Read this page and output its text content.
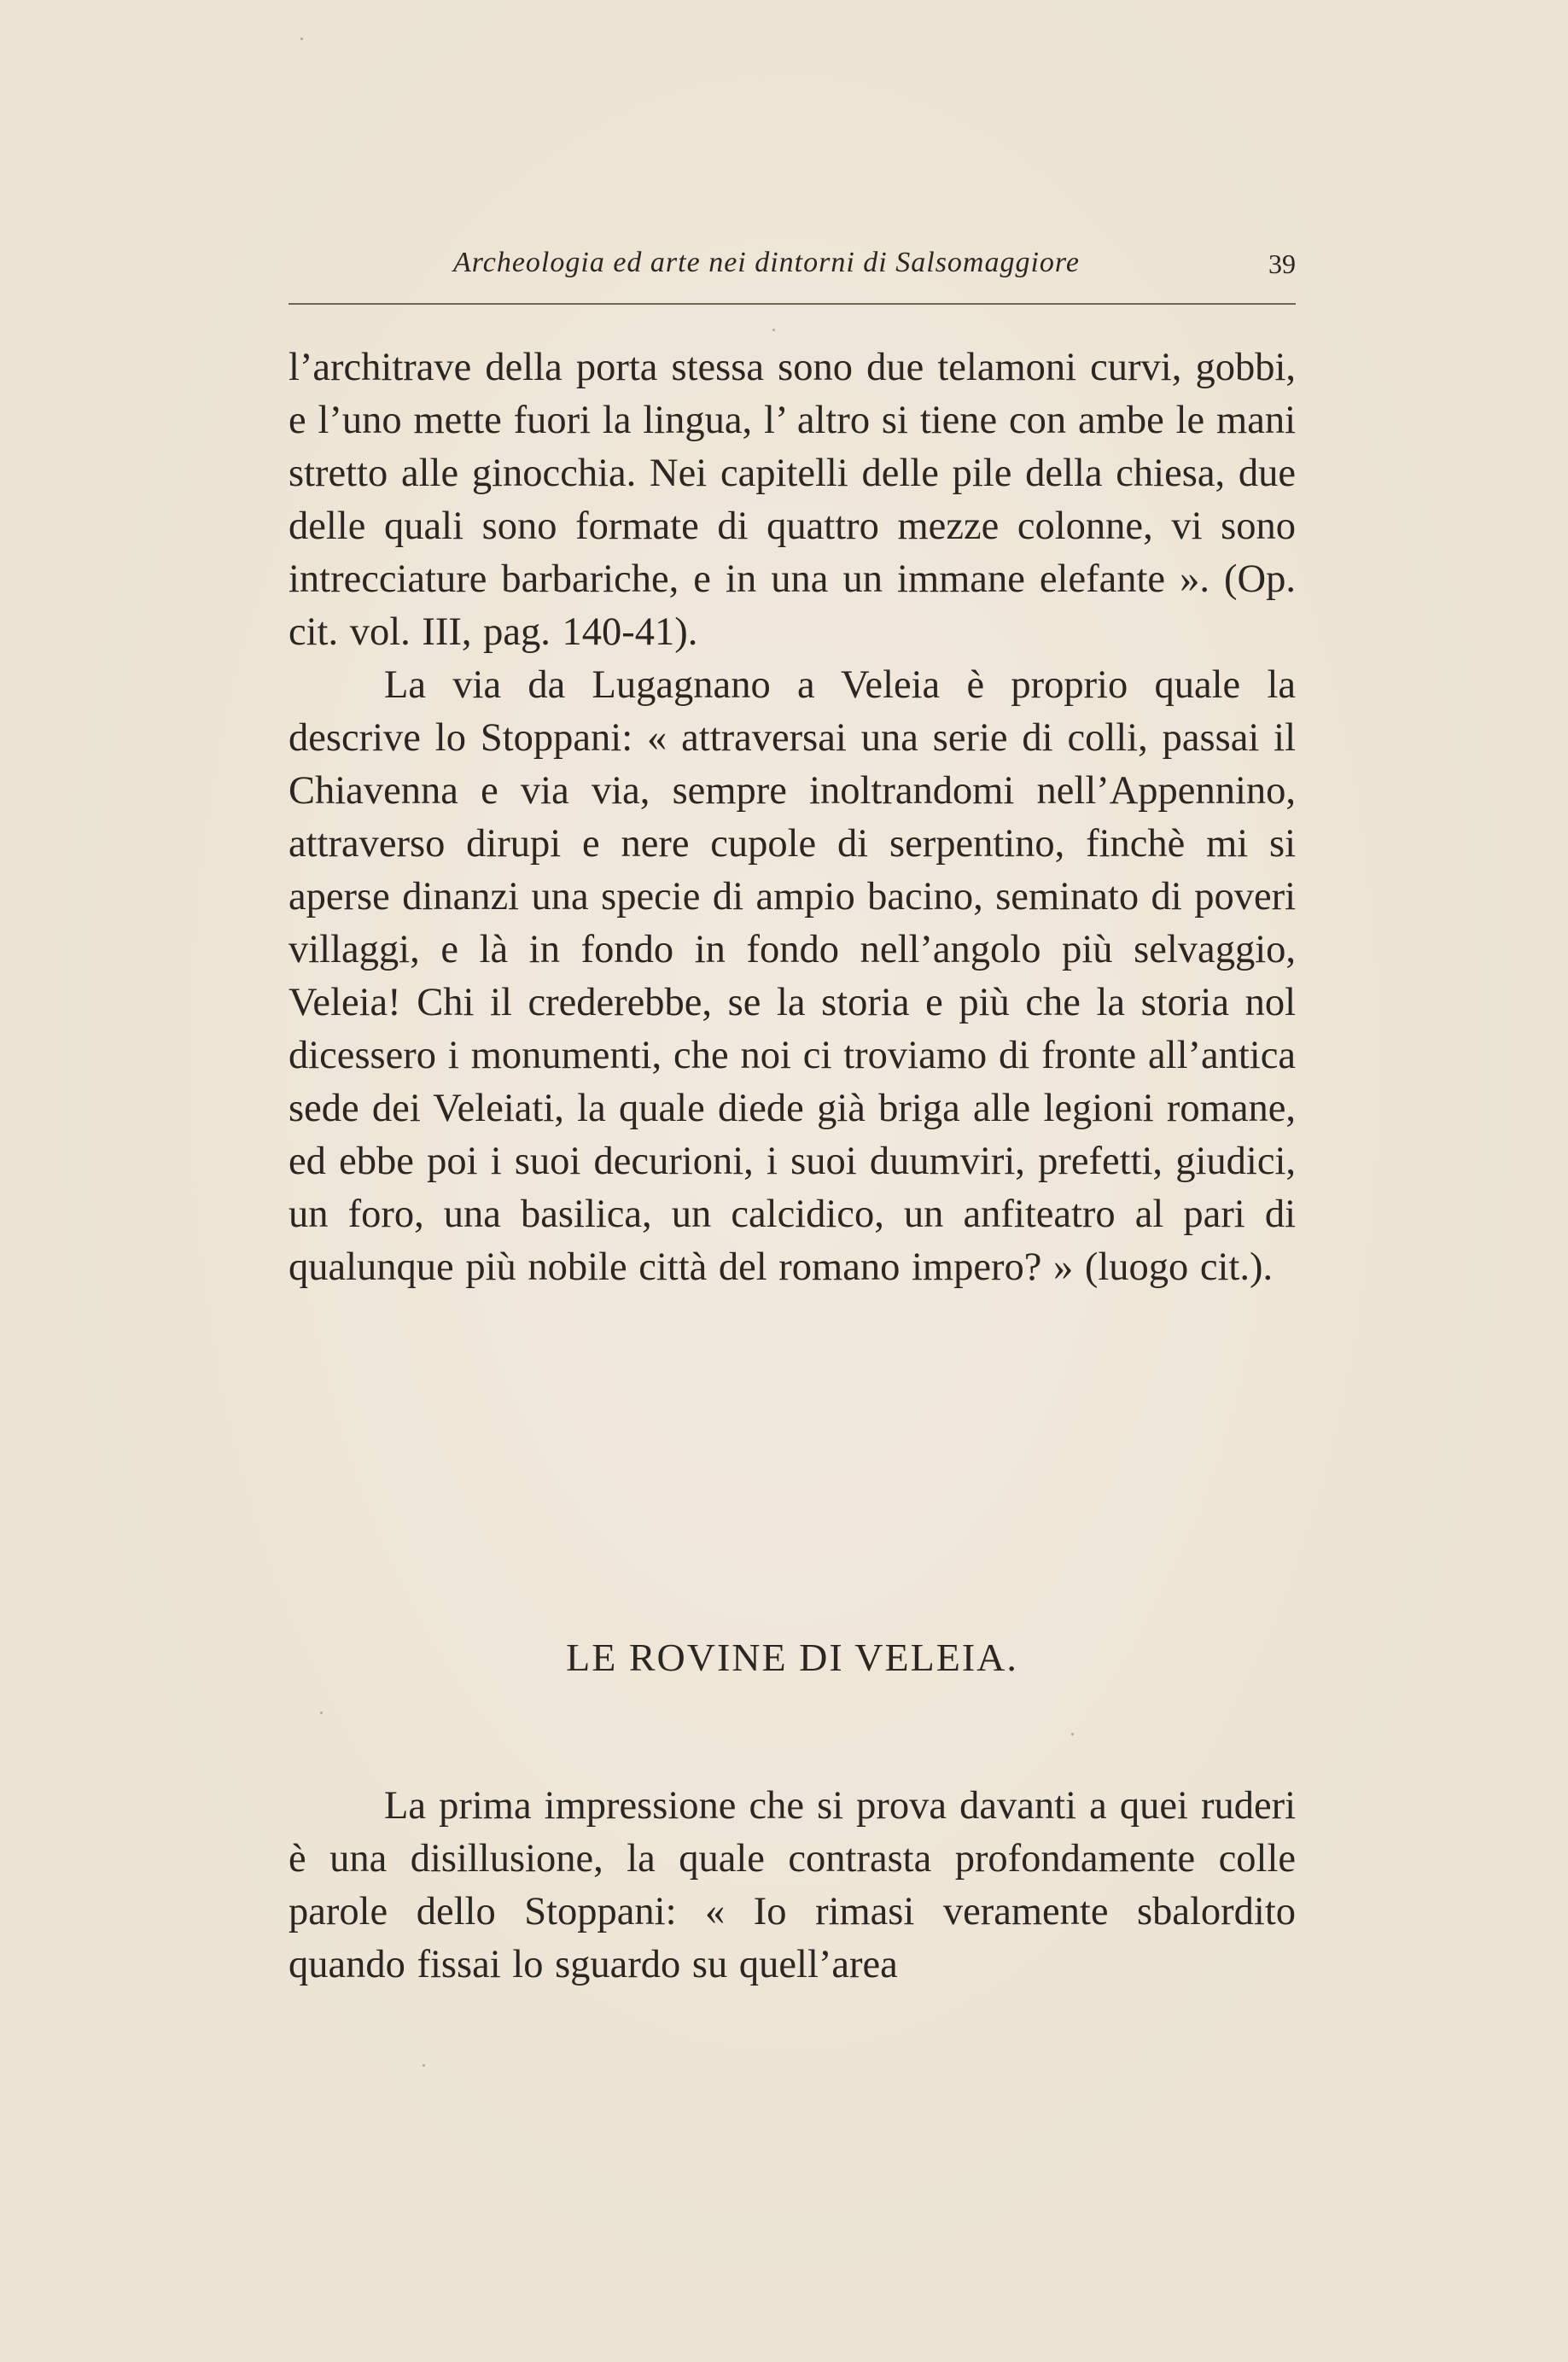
Archeologia ed arte nei dintorni di Salsomaggiore	39

l’architrave della porta stessa sono due telamoni curvi, gobbi, e l’uno mette fuori la lingua, l’ altro si tiene con ambe le mani stretto alle ginocchia. Nei capitelli delle pile della chiesa, due delle quali sono formate di quattro mezze colonne, vi sono intrecciature barbariche, e in una un immane elefante ». (Op. cit. vol. III, pag. 140-41).

La via da Lugagnano a Veleia è proprio quale la descrive lo Stoppani: « attraversai una serie di colli, passai il Chiavenna e via via, sempre inoltrandomi nell’Appennino, attraverso dirupi e nere cupole di serpentino, finchè mi si aperse dinanzi una specie di ampio bacino, seminato di poveri villaggi, e là in fondo in fondo nell’angolo più selvaggio, Veleia! Chi il crederebbe, se la storia e più che la storia nol dicessero i monumenti, che noi ci troviamo di fronte all’antica sede dei Veleiati, la quale diede già briga alle legioni romane, ed ebbe poi i suoi decurioni, i suoi duumviri, prefetti, giudici, un foro, una basilica, un calcidico, un anfiteatro al pari di qualunque più nobile città del romano impero? » (luogo cit.).

LE ROVINE DI VELEIA.

La prima impressione che si prova davanti a quei ruderi è una disillusione, la quale contrasta profondamente colle parole dello Stoppani: « Io rimasi veramente sbalordito quando fissai lo sguardo su quell’area
